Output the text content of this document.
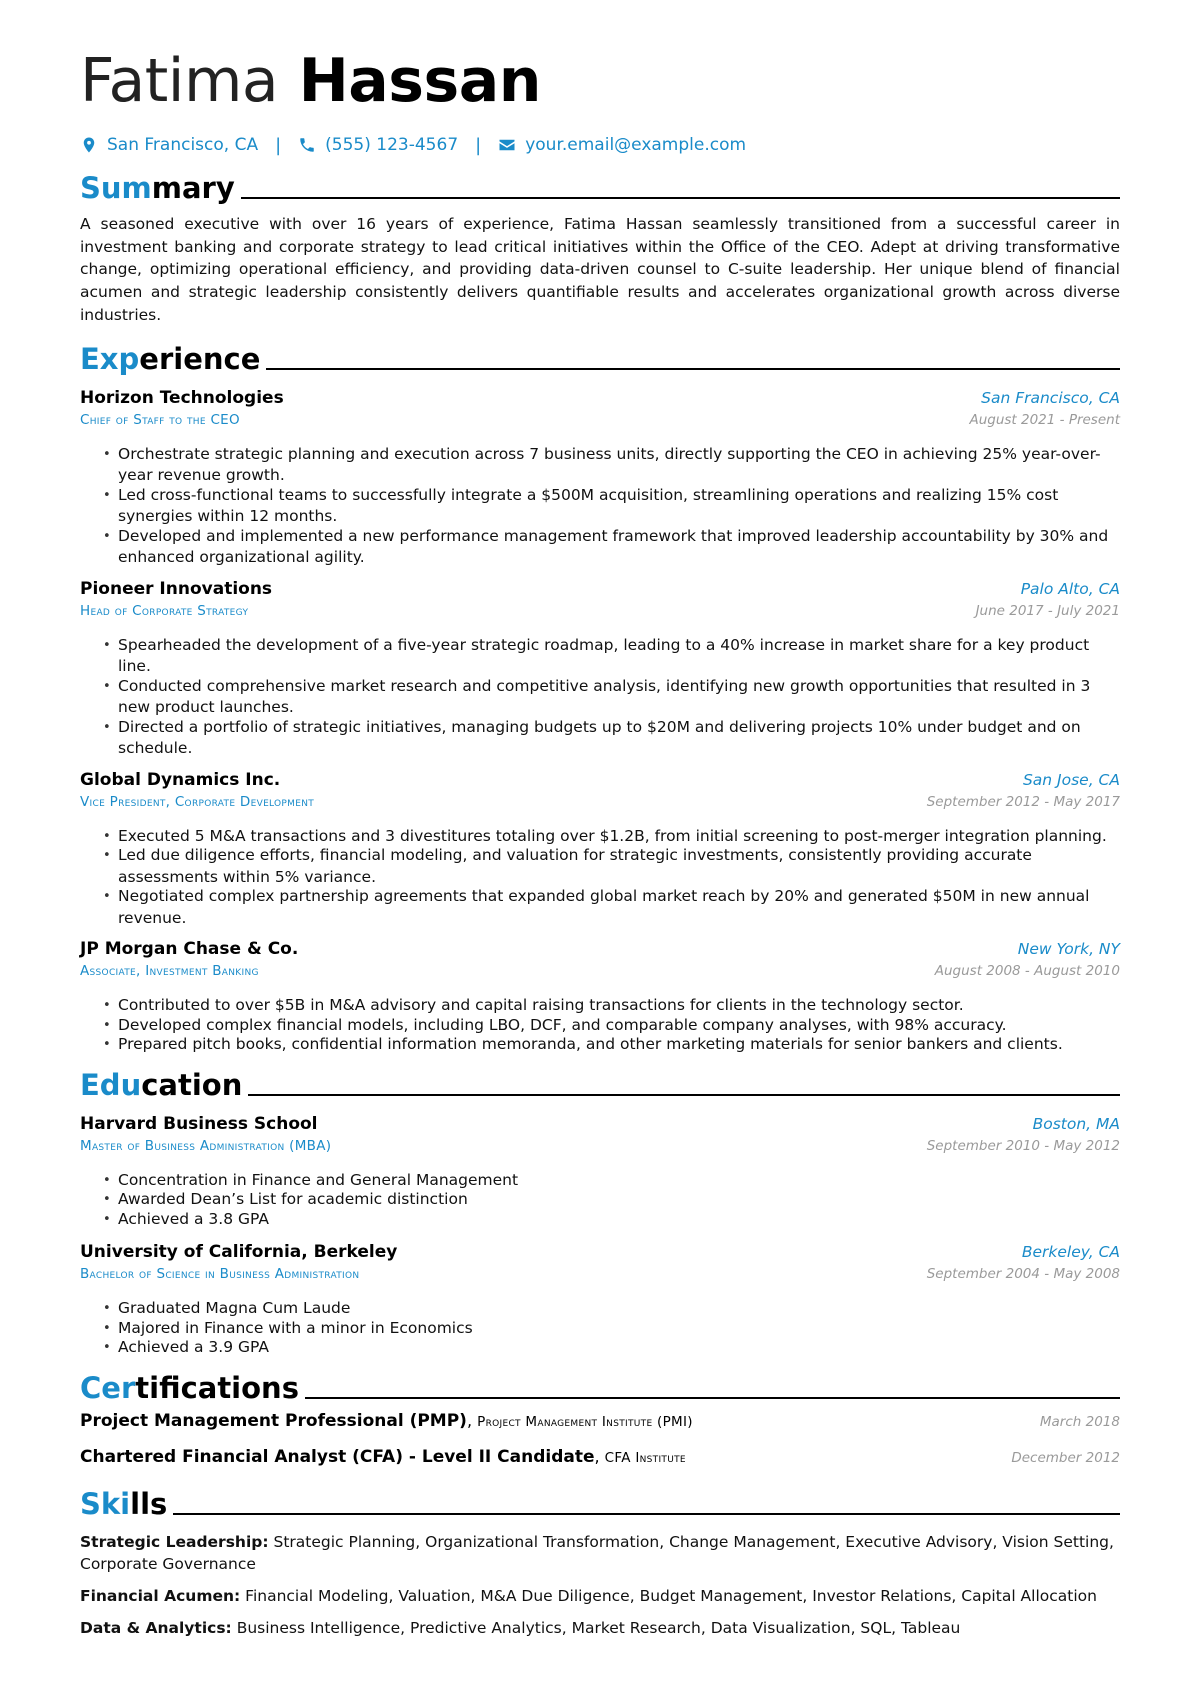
Fatima Hassan
San Francisco, CA |	(555) 123-4567 |	your.email@example.com
Summary
A seasoned executive with over 16 years of experience, Fatima Hassan seamlessly transitioned from a successful career in investment banking and corporate strategy to lead critical initiatives within the Office of the CEO. Adept at driving transformative change, optimizing operational efficiency, and providing data-driven counsel to C-suite leadership. Her unique blend of financial acumen and strategic leadership consistently delivers quantifiable results and accelerates organizational growth across diverse industries.
Experience
Horizon Technologies	San Francisco, CA
Chief of Staff to the CEO	August 2021 - Present
• Orchestrate strategic planning and execution across 7 business units, directly supporting the CEO in achieving 25% year-over-year revenue growth.
• Led cross-functional teams to successfully integrate a $500M acquisition, streamlining operations and realizing 15% cost synergies within 12 months.
• Developed and implemented a new performance management framework that improved leadership accountability by 30% and enhanced organizational agility.
Pioneer Innovations	Palo Alto, CA
Head of Corporate Strategy	June 2017 - July 2021
• Spearheaded the development of a five-year strategic roadmap, leading to a 40% increase in market share for a key product line.
• Conducted comprehensive market research and competitive analysis, identifying new growth opportunities that resulted in 3 new product launches.
• Directed a portfolio of strategic initiatives, managing budgets up to $20M and delivering projects 10% under budget and on schedule.
Global Dynamics Inc.	San Jose, CA
Vice President, Corporate Development	September 2012 - May 2017
• Executed 5 M&A transactions and 3 divestitures totaling over $1.2B, from initial screening to post-merger integration planning.
• Led due diligence efforts, financial modeling, and valuation for strategic investments, consistently providing accurate assessments within 5% variance.
• Negotiated complex partnership agreements that expanded global market reach by 20% and generated $50M in new annual revenue.
JP Morgan Chase & Co.	New York, NY
Associate, Investment Banking	August 2008 - August 2010
• Contributed to over $5B in M&A advisory and capital raising transactions for clients in the technology sector.
• Developed complex financial models, including LBO, DCF, and comparable company analyses, with 98% accuracy.
• Prepared pitch books, confidential information memoranda, and other marketing materials for senior bankers and clients.
Education
Harvard Business School	Boston, MA
Master of Business Administration (MBA)	September 2010 - May 2012
• Concentration in Finance and General Management
• Awarded Dean’s List for academic distinction
• Achieved a 3.8 GPA
University of California, Berkeley	Berkeley, CA
Bachelor of Science in Business Administration	September 2004 - May 2008
• Graduated Magna Cum Laude
• Majored in Finance with a minor in Economics
• Achieved a 3.9 GPA
Certifications
Project Management Professional (PMP), Project Management Institute (PMI)	March 2018
Chartered Financial Analyst (CFA) - Level II Candidate, CFA Institute	December 2012
Skills
Strategic Leadership: Strategic Planning, Organizational Transformation, Change Management, Executive Advisory, Vision Setting, Corporate Governance
Financial Acumen: Financial Modeling, Valuation, M&A Due Diligence, Budget Management, Investor Relations, Capital Allocation
Data & Analytics: Business Intelligence, Predictive Analytics, Market Research, Data Visualization, SQL, Tableau
